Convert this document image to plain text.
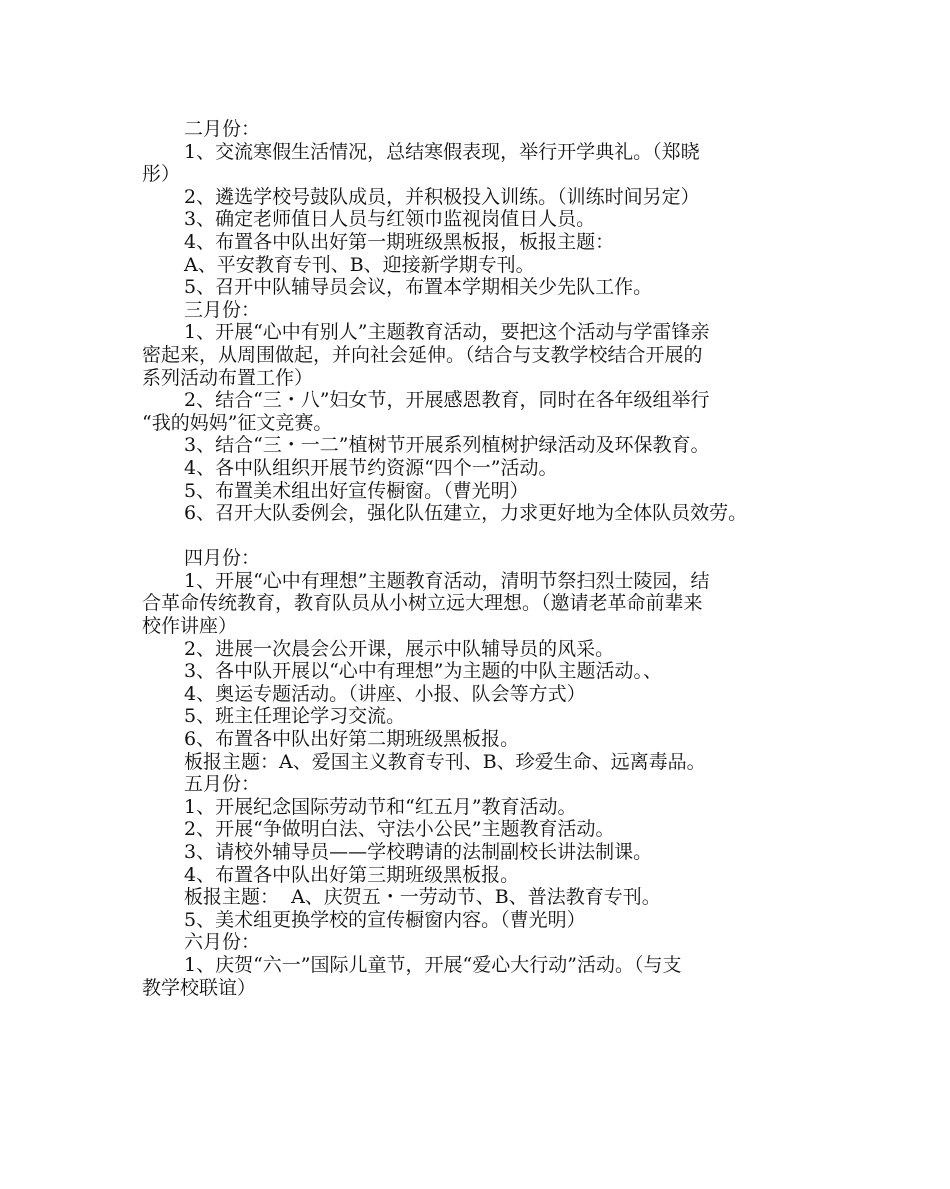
二月份：
1、交流寒假生活情况，总结寒假表现，举行开学典礼。（郑晓
彤）
2、遴选学校号鼓队成员，并积极投入训练。（训练时间另定）
3、确定老师值日人员与红领巾监视岗值日人员。
4、布置各中队出好第一期班级黑板报，板报主题：
A、平安教育专刊、B、迎接新学期专刊。
5、召开中队辅导员会议，布置本学期相关少先队工作。
三月份：
1、开展“心中有别人”主题教育活动，要把这个活动与学雷锋亲
密起来，从周围做起，并向社会延伸。（结合与支教学校结合开展的
系列活动布置工作）
2、结合“三・八”妇女节，开展感恩教育，同时在各年级组举行
“我的妈妈”征文竞赛。
3、结合“三・一二”植树节开展系列植树护绿活动及环保教育。
4、各中队组织开展节约资源“四个一”活动。
5、布置美术组出好宣传橱窗。（曹光明）
6、召开大队委例会，强化队伍建立，力求更好地为全体队员效劳。
四月份：
1、开展“心中有理想”主题教育活动，清明节祭扫烈士陵园，结
合革命传统教育，教育队员从小树立远大理想。（邀请老革命前辈来
校作讲座）
2、进展一次晨会公开课，展示中队辅导员的风采。
3、各中队开展以“心中有理想”为主题的中队主题活动。、
4、奥运专题活动。（讲座、小报、队会等方式）
5、班主任理论学习交流。
6、布置各中队出好第二期班级黑板报。
板报主题：A、爱国主义教育专刊、B、珍爱生命、远离毒品。
五月份：
1、开展纪念国际劳动节和“红五月”教育活动。
2、开展“争做明白法、守法小公民”主题教育活动。
3、请校外辅导员——学校聘请的法制副校长讲法制课。
4、布置各中队出好第三期班级黑板报。
板报主题：  A、庆贺五・一劳动节、B、普法教育专刊。
5、美术组更换学校的宣传橱窗内容。（曹光明）
六月份：
1、庆贺“六一”国际儿童节，开展“爱心大行动”活动。（与支
教学校联谊）
